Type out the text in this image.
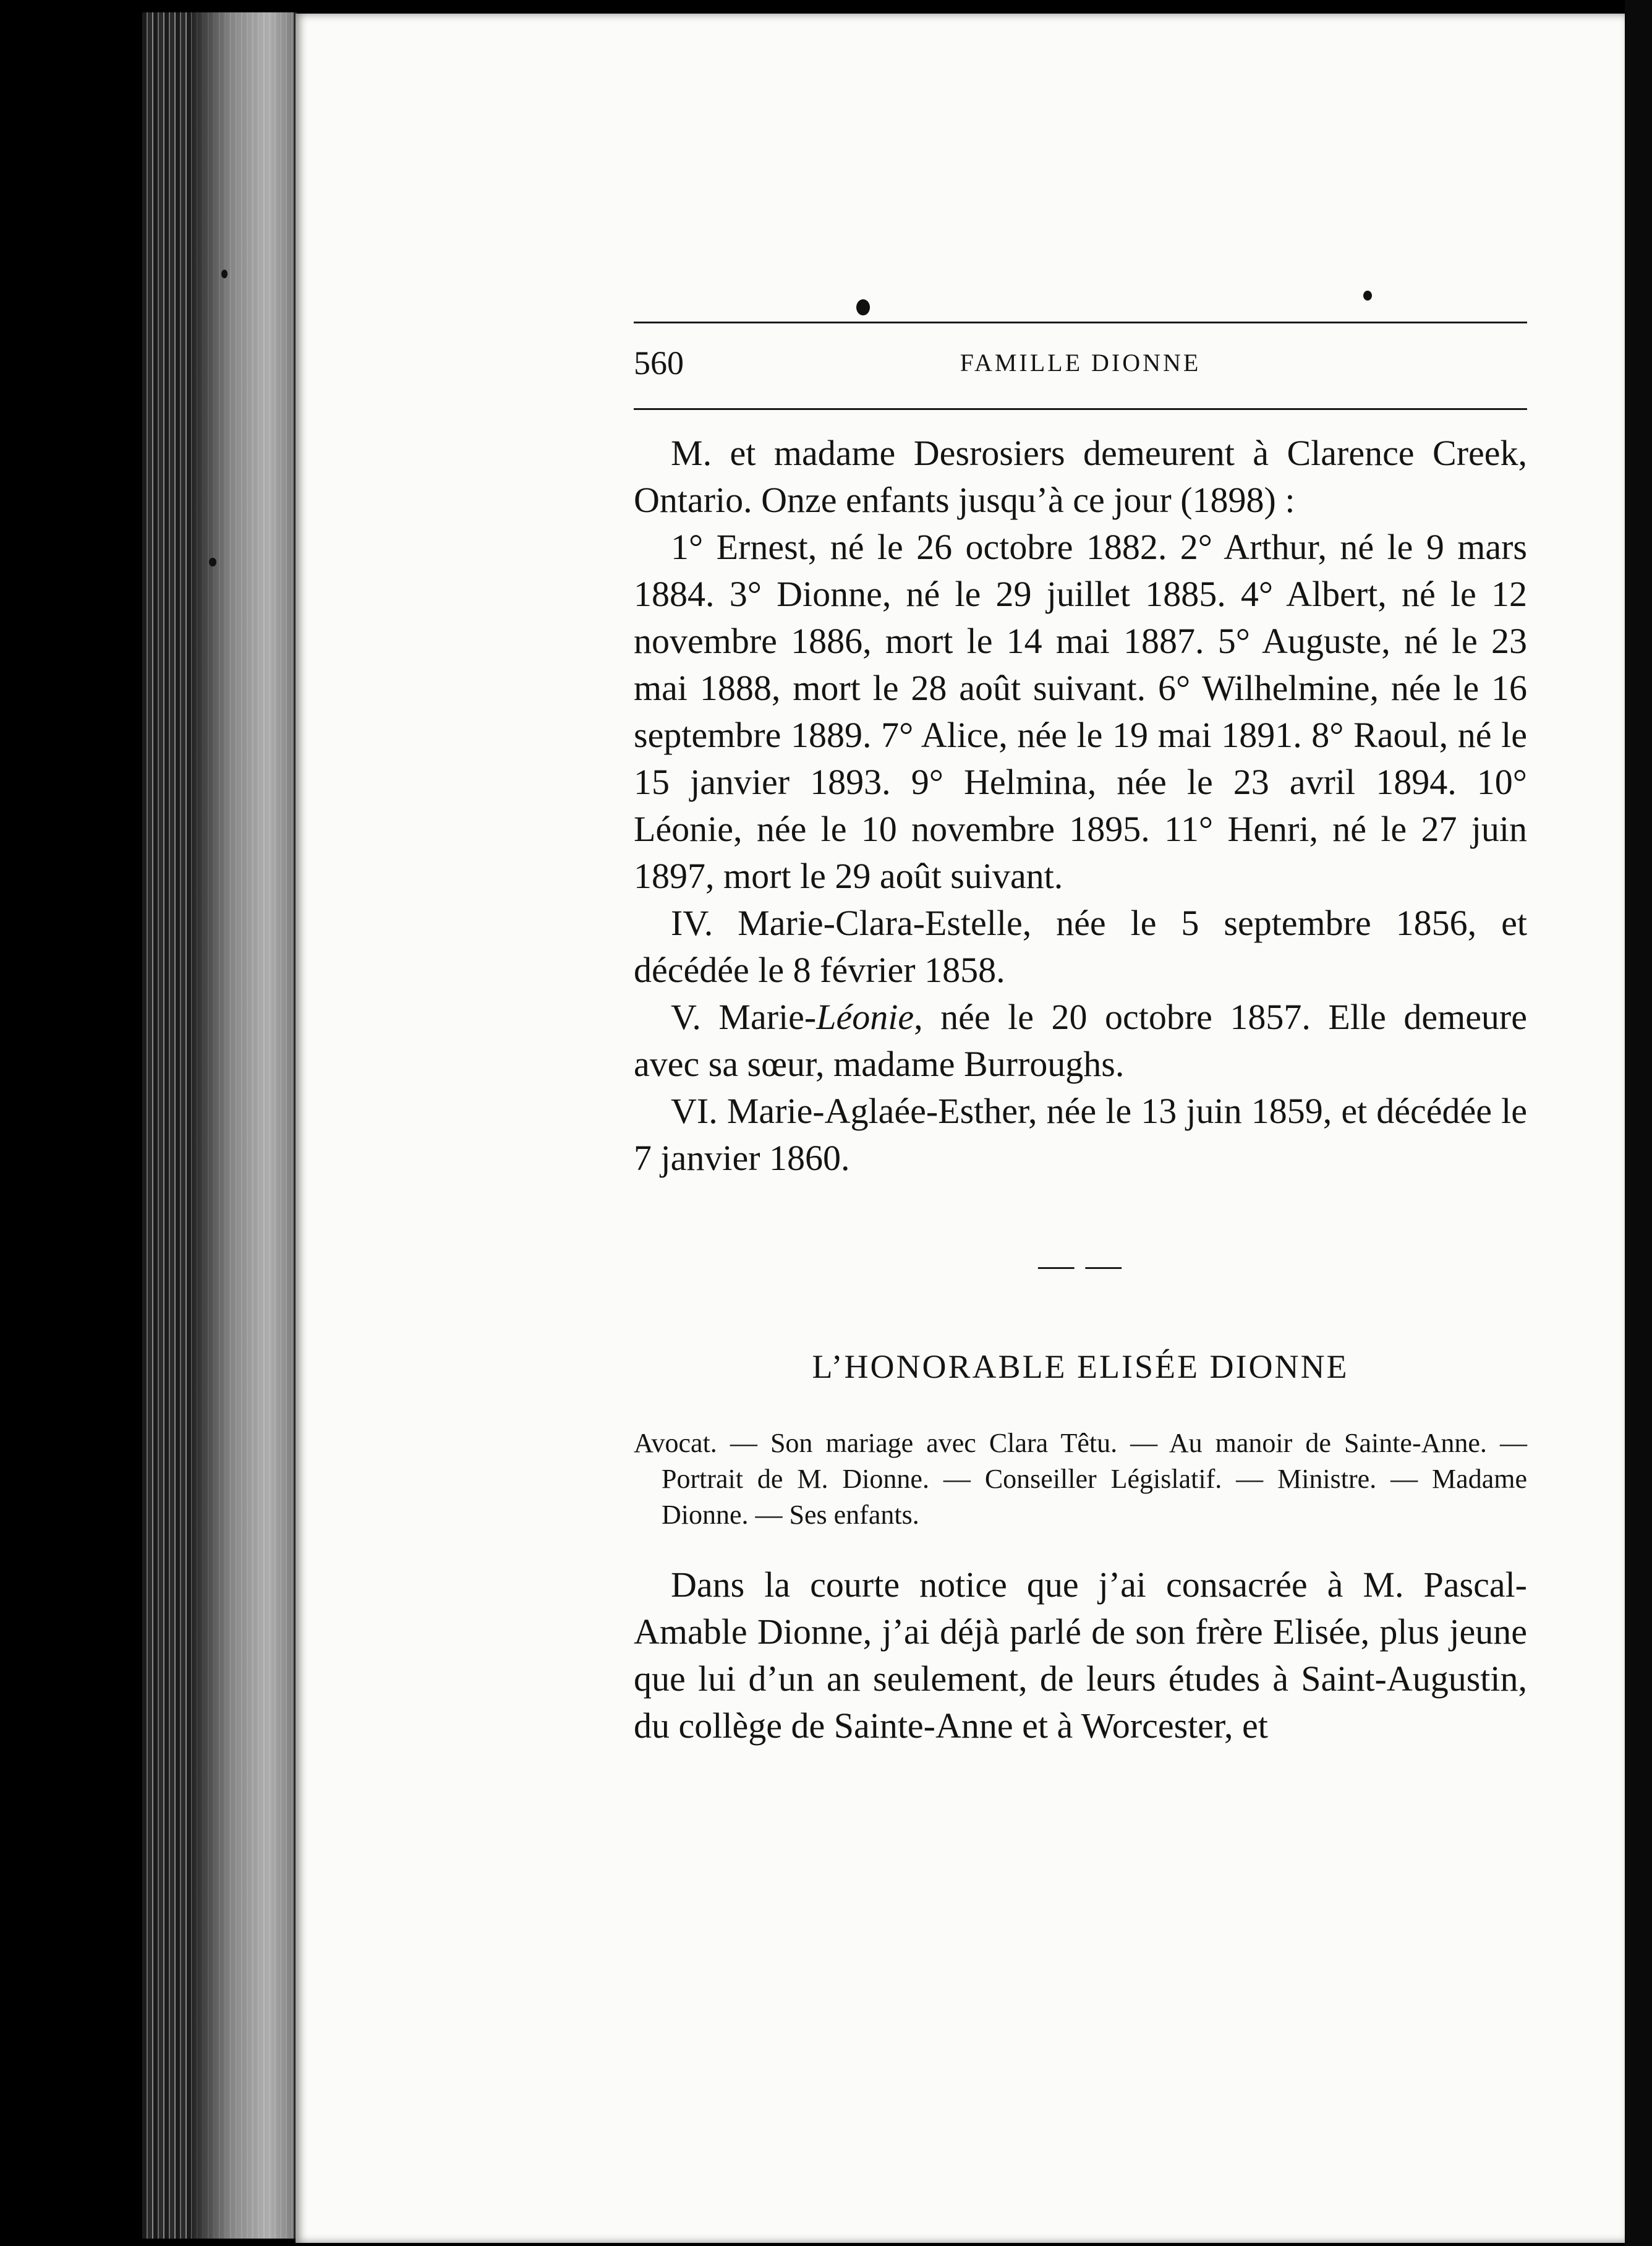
560	FAMILLE DIONNE

M. et madame Desrosiers demeurent à Clarence Creek, Ontario. Onze enfants jusqu’à ce jour (1898) :

1° Ernest, né le 26 octobre 1882. 2° Arthur, né le 9 mars 1884. 3° Dionne, né le 29 juillet 1885. 4° Albert, né le 12 novembre 1886, mort le 14 mai 1887. 5° Auguste, né le 23 mai 1888, mort le 28 août suivant. 6° Wilhelmine, née le 16 septembre 1889. 7° Alice, née le 19 mai 1891. 8° Raoul, né le 15 janvier 1893. 9° Helmina, née le 23 avril 1894. 10° Léonie, née le 10 novembre 1895. 11° Henri, né le 27 juin 1897, mort le 29 août suivant.

IV. Marie-Clara-Estelle, née le 5 septembre 1856, et décédée le 8 février 1858.

V. Marie-Léonie, née le 20 octobre 1857. Elle demeure avec sa sœur, madame Burroughs.

VI. Marie-Aglaée-Esther, née le 13 juin 1859, et décédée le 7 janvier 1860.

— —
L’HONORABLE ELISÉE DIONNE
Avocat. — Son mariage avec Clara Têtu. — Au manoir de Sainte-Anne. — Portrait de M. Dionne. — Conseiller Législatif. — Ministre. — Madame Dionne. — Ses enfants.
Dans la courte notice que j’ai consacrée à M. Pascal-Amable Dionne, j’ai déjà parlé de son frère Elisée, plus jeune que lui d’un an seulement, de leurs études à Saint-Augustin, du collège de Sainte-Anne et à Worcester, et
